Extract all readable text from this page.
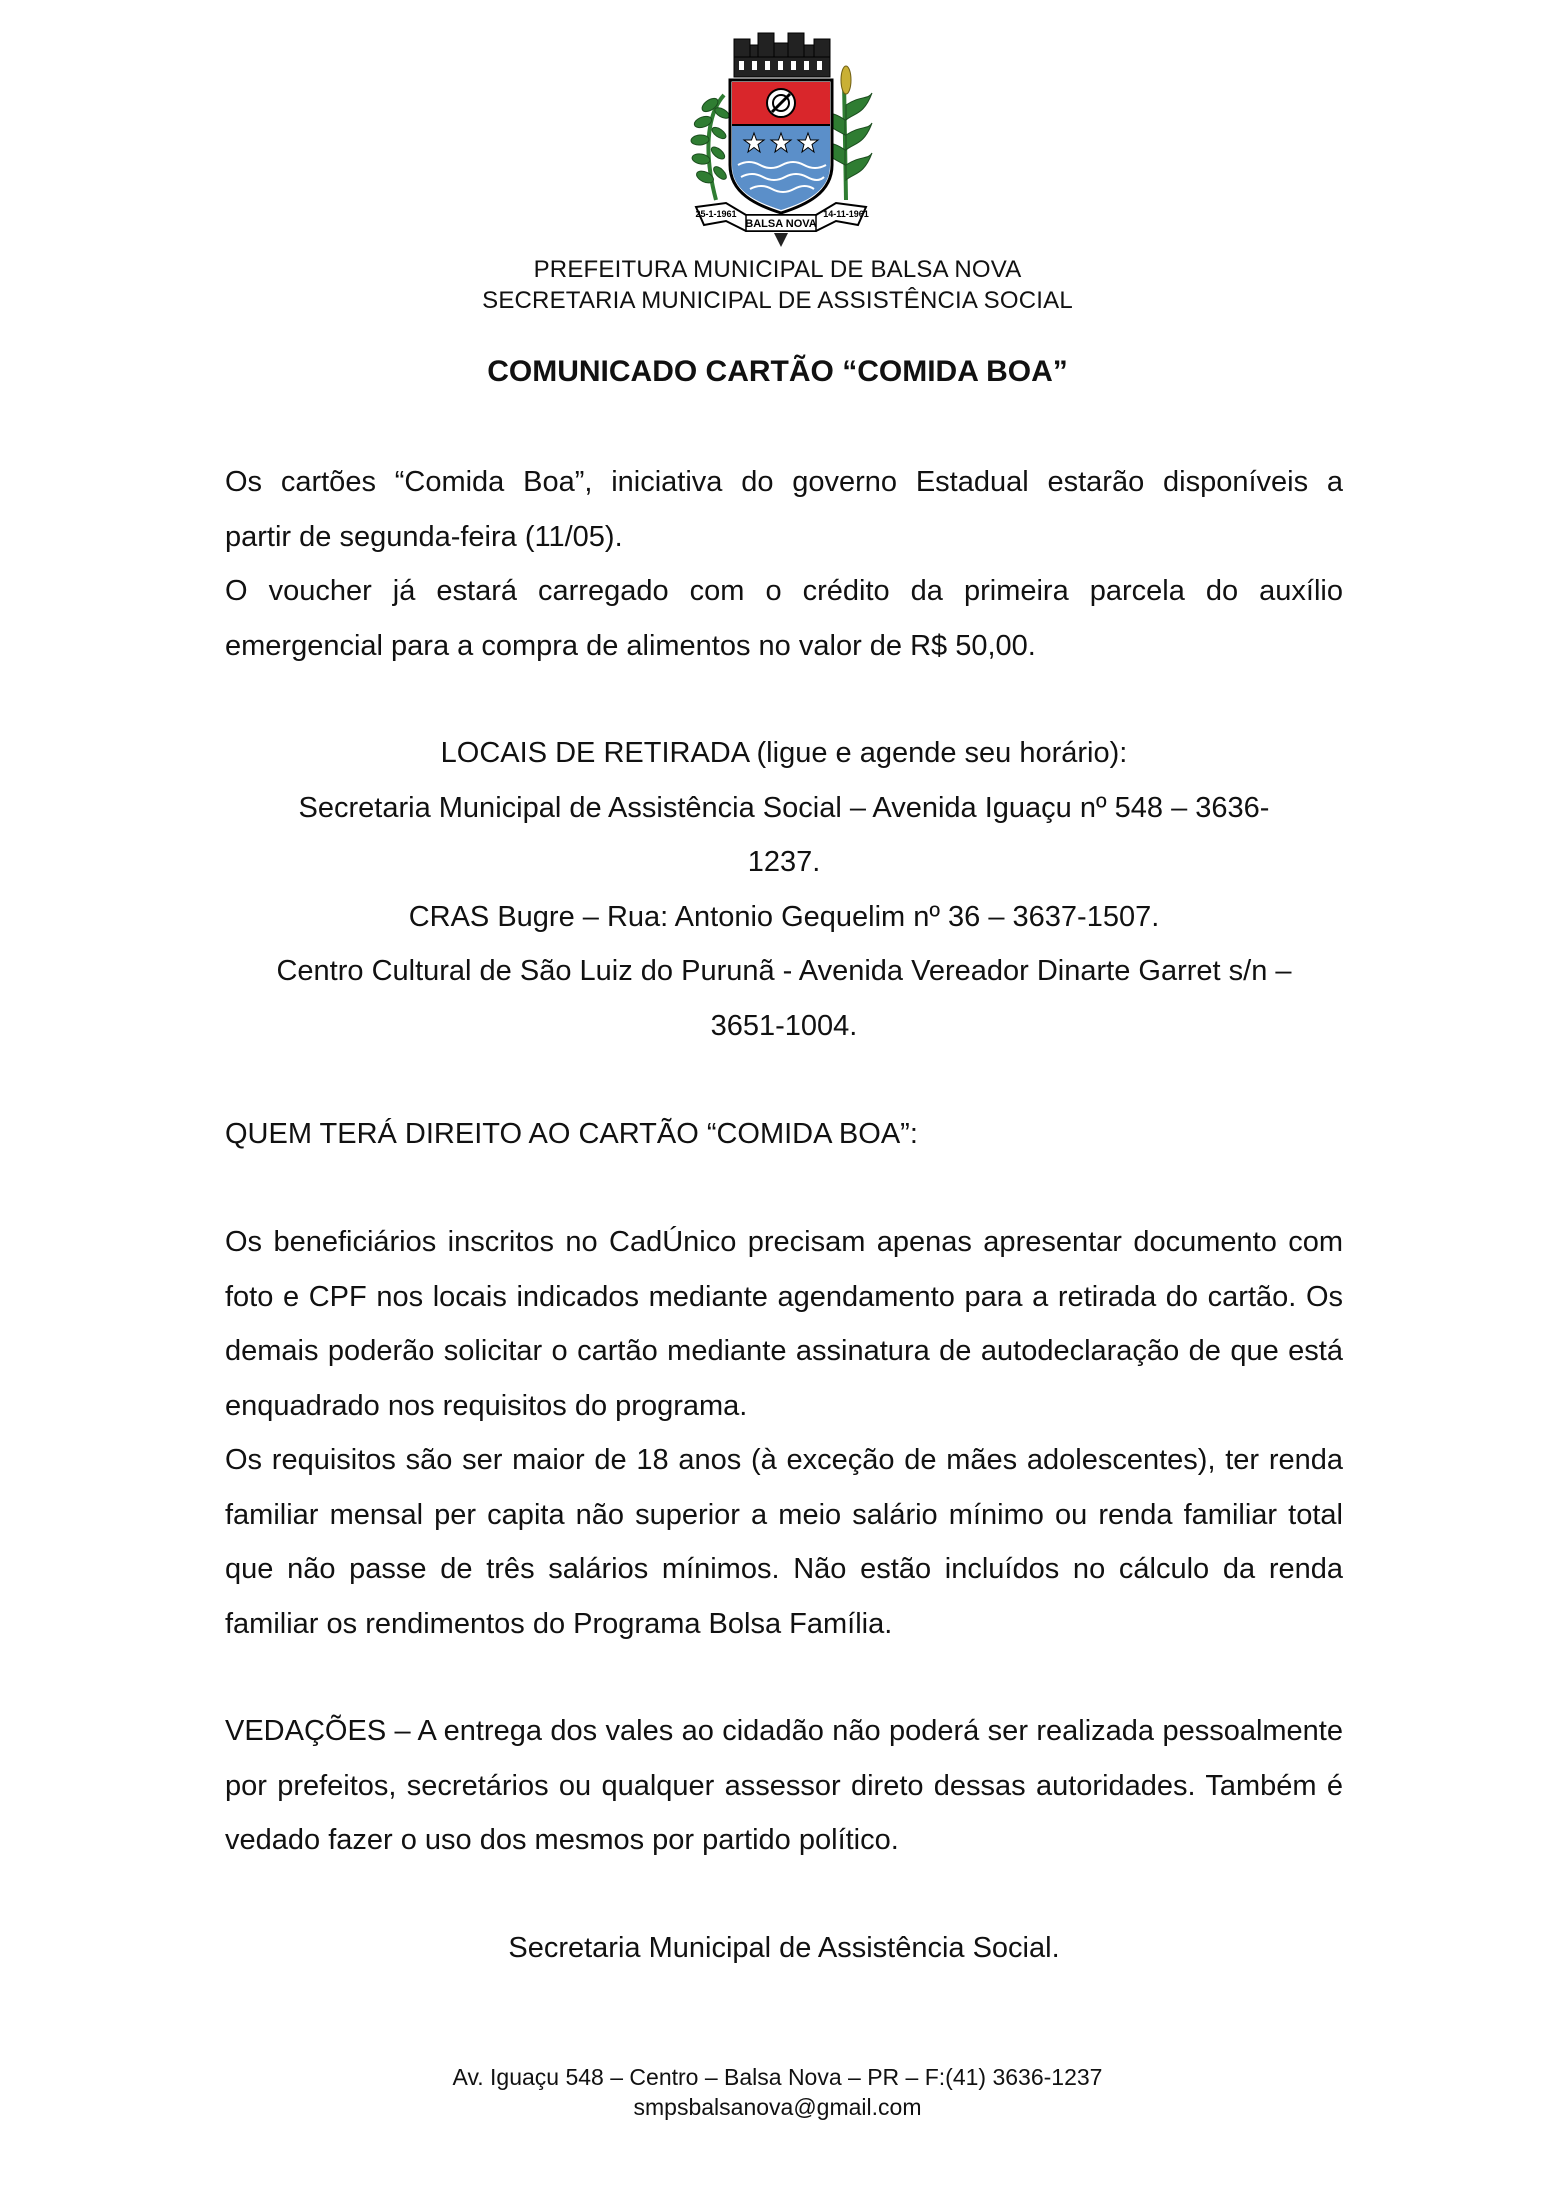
25-1-1961
BALSA NOVA
14-11-1961
PREFEITURA MUNICIPAL DE BALSA NOVA
SECRETARIA MUNICIPAL DE ASSISTÊNCIA SOCIAL
COMUNICADO CARTÃO “COMIDA BOA”

Os cartões “Comida Boa”, iniciativa do governo Estadual estarão disponíveis a

partir de segunda-feira (11/05).

O voucher já estará carregado com o crédito da primeira parcela do auxílio

emergencial para a compra de alimentos no valor de R$ 50,00.

LOCAIS DE RETIRADA (ligue e agende seu horário):

Secretaria Municipal de Assistência Social – Avenida Iguaçu nº 548 – 3636-

1237.

CRAS Bugre – Rua: Antonio Gequelim nº 36 – 3637-1507.

Centro Cultural de São Luiz do Purunã - Avenida Vereador Dinarte Garret s/n –

3651-1004.

QUEM TERÁ DIREITO AO CARTÃO “COMIDA BOA”:

Os beneficiários inscritos no CadÚnico precisam apenas apresentar documento com foto e CPF nos locais indicados mediante agendamento para a retirada do cartão. Os demais poderão solicitar o cartão mediante assinatura de autodeclaração de que está enquadrado nos requisitos do programa.

Os requisitos são ser maior de 18 anos (à exceção de mães adolescentes), ter renda familiar mensal per capita não superior a meio salário mínimo ou renda familiar total que não passe de três salários mínimos. Não estão incluídos no cálculo da renda familiar os rendimentos do Programa Bolsa Família.

VEDAÇÕES – A entrega dos vales ao cidadão não poderá ser realizada pessoalmente por prefeitos, secretários ou qualquer assessor direto dessas autoridades. Também é vedado fazer o uso dos mesmos por partido político.

Secretaria Municipal de Assistência Social.

Av. Iguaçu 548 – Centro – Balsa Nova – PR – F:(41) 3636-1237
smpsbalsanova@gmail.com
